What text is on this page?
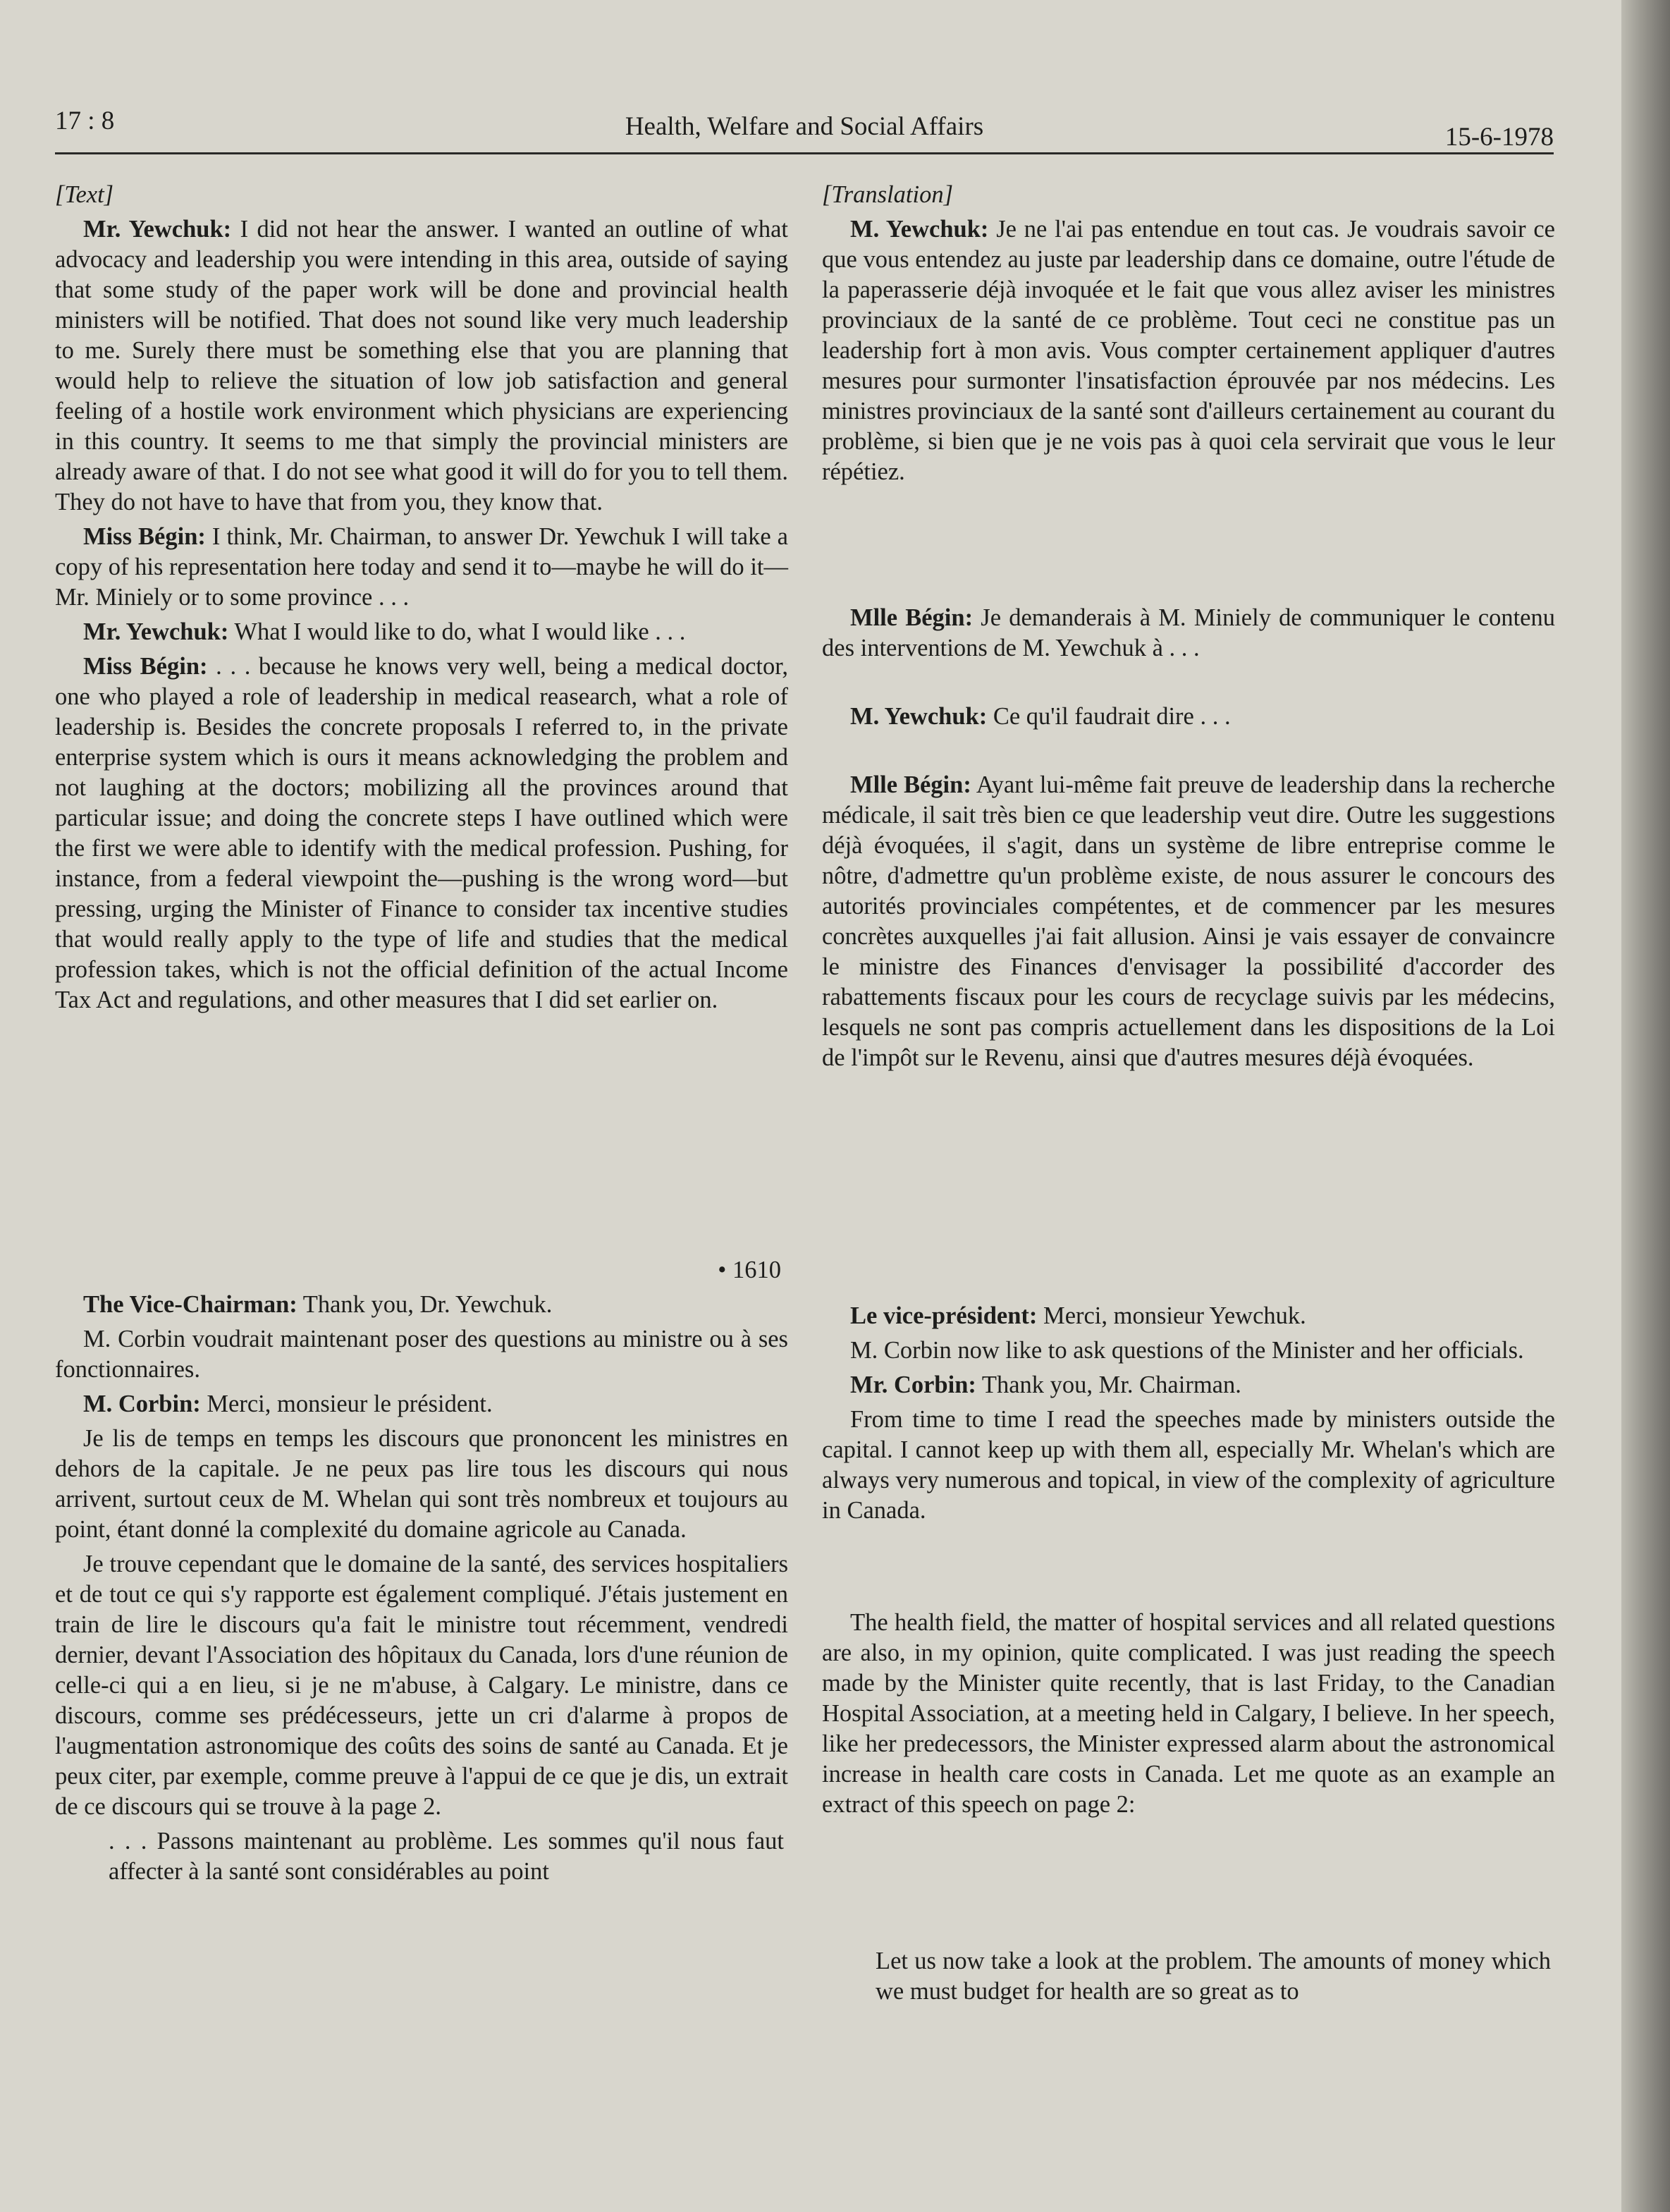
17 : 8	Health, Welfare and Social Affairs	15-6-1978

[Text]

Mr. Yewchuk: I did not hear the answer. I wanted an outline of what advocacy and leadership you were intending in this area, outside of saying that some study of the paper work will be done and provincial health ministers will be notified. That does not sound like very much leadership to me. Surely there must be something else that you are planning that would help to relieve the situation of low job satisfaction and general feeling of a hostile work environment which physicians are experiencing in this country. It seems to me that simply the provincial ministers are already aware of that. I do not see what good it will do for you to tell them. They do not have to have that from you, they know that.

Miss Bégin: I think, Mr. Chairman, to answer Dr. Yewchuk I will take a copy of his representation here today and send it to—maybe he will do it—Mr. Miniely or to some province . . .

Mr. Yewchuk: What I would like to do, what I would like . . .

Miss Bégin: . . . because he knows very well, being a medical doctor, one who played a role of leadership in medical reasearch, what a role of leadership is. Besides the concrete proposals I referred to, in the private enterprise system which is ours it means acknowledging the problem and not laughing at the doctors; mobilizing all the provinces around that particular issue; and doing the concrete steps I have outlined which were the first we were able to identify with the medical profession. Pushing, for instance, from a federal viewpoint the—pushing is the wrong word—but pressing, urging the Minister of Finance to consider tax incentive studies that would really apply to the type of life and studies that the medical profession takes, which is not the official definition of the actual Income Tax Act and regulations, and other measures that I did set earlier on.

• 1610

The Vice-Chairman: Thank you, Dr. Yewchuk.

M. Corbin voudrait maintenant poser des questions au ministre ou à ses fonctionnaires.

M. Corbin: Merci, monsieur le président.

Je lis de temps en temps les discours que prononcent les ministres en dehors de la capitale. Je ne peux pas lire tous les discours qui nous arrivent, surtout ceux de M. Whelan qui sont très nombreux et toujours au point, étant donné la complexité du domaine agricole au Canada.

Je trouve cependant que le domaine de la santé, des services hospitaliers et de tout ce qui s'y rapporte est également compliqué. J'étais justement en train de lire le discours qu'a fait le ministre tout récemment, vendredi dernier, devant l'Association des hôpitaux du Canada, lors d'une réunion de celle-ci qui a en lieu, si je ne m'abuse, à Calgary. Le ministre, dans ce discours, comme ses prédécesseurs, jette un cri d'alarme à propos de l'augmentation astronomique des coûts des soins de santé au Canada. Et je peux citer, par exemple, comme preuve à l'appui de ce que je dis, un extrait de ce discours qui se trouve à la page 2.

. . . Passons maintenant au problème. Les sommes qu'il nous faut affecter à la santé sont considérables au point

[Translation]

M. Yewchuk: Je ne l'ai pas entendue en tout cas. Je voudrais savoir ce que vous entendez au juste par leadership dans ce domaine, outre l'étude de la paperasserie déjà invoquée et le fait que vous allez aviser les ministres provinciaux de la santé de ce problème. Tout ceci ne constitue pas un leadership fort à mon avis. Vous compter certainement appliquer d'autres mesures pour surmonter l'insatisfaction éprouvée par nos médecins. Les ministres provinciaux de la santé sont d'ailleurs certainement au courant du problème, si bien que je ne vois pas à quoi cela servirait que vous le leur répétiez.

Mlle Bégin: Je demanderais à M. Miniely de communiquer le contenu des interventions de M. Yewchuk à . . .

M. Yewchuk: Ce qu'il faudrait dire . . .

Mlle Bégin: Ayant lui-même fait preuve de leadership dans la recherche médicale, il sait très bien ce que leadership veut dire. Outre les suggestions déjà évoquées, il s'agit, dans un système de libre entreprise comme le nôtre, d'admettre qu'un problème existe, de nous assurer le concours des autorités provinciales compétentes, et de commencer par les mesures concrètes auxquelles j'ai fait allusion. Ainsi je vais essayer de convaincre le ministre des Finances d'envisager la possibilité d'accorder des rabattements fiscaux pour les cours de recyclage suivis par les médecins, lesquels ne sont pas compris actuellement dans les dispositions de la Loi de l'impôt sur le Revenu, ainsi que d'autres mesures déjà évoquées.

Le vice-président: Merci, monsieur Yewchuk.

M. Corbin now like to ask questions of the Minister and her officials.

Mr. Corbin: Thank you, Mr. Chairman.

From time to time I read the speeches made by ministers outside the capital. I cannot keep up with them all, especially Mr. Whelan's which are always very numerous and topical, in view of the complexity of agriculture in Canada.

The health field, the matter of hospital services and all related questions are also, in my opinion, quite complicated. I was just reading the speech made by the Minister quite recently, that is last Friday, to the Canadian Hospital Association, at a meeting held in Calgary, I believe. In her speech, like her predecessors, the Minister expressed alarm about the astronomical increase in health care costs in Canada. Let me quote as an example an extract of this speech on page 2:

Let us now take a look at the problem. The amounts of money which we must budget for health are so great as to
